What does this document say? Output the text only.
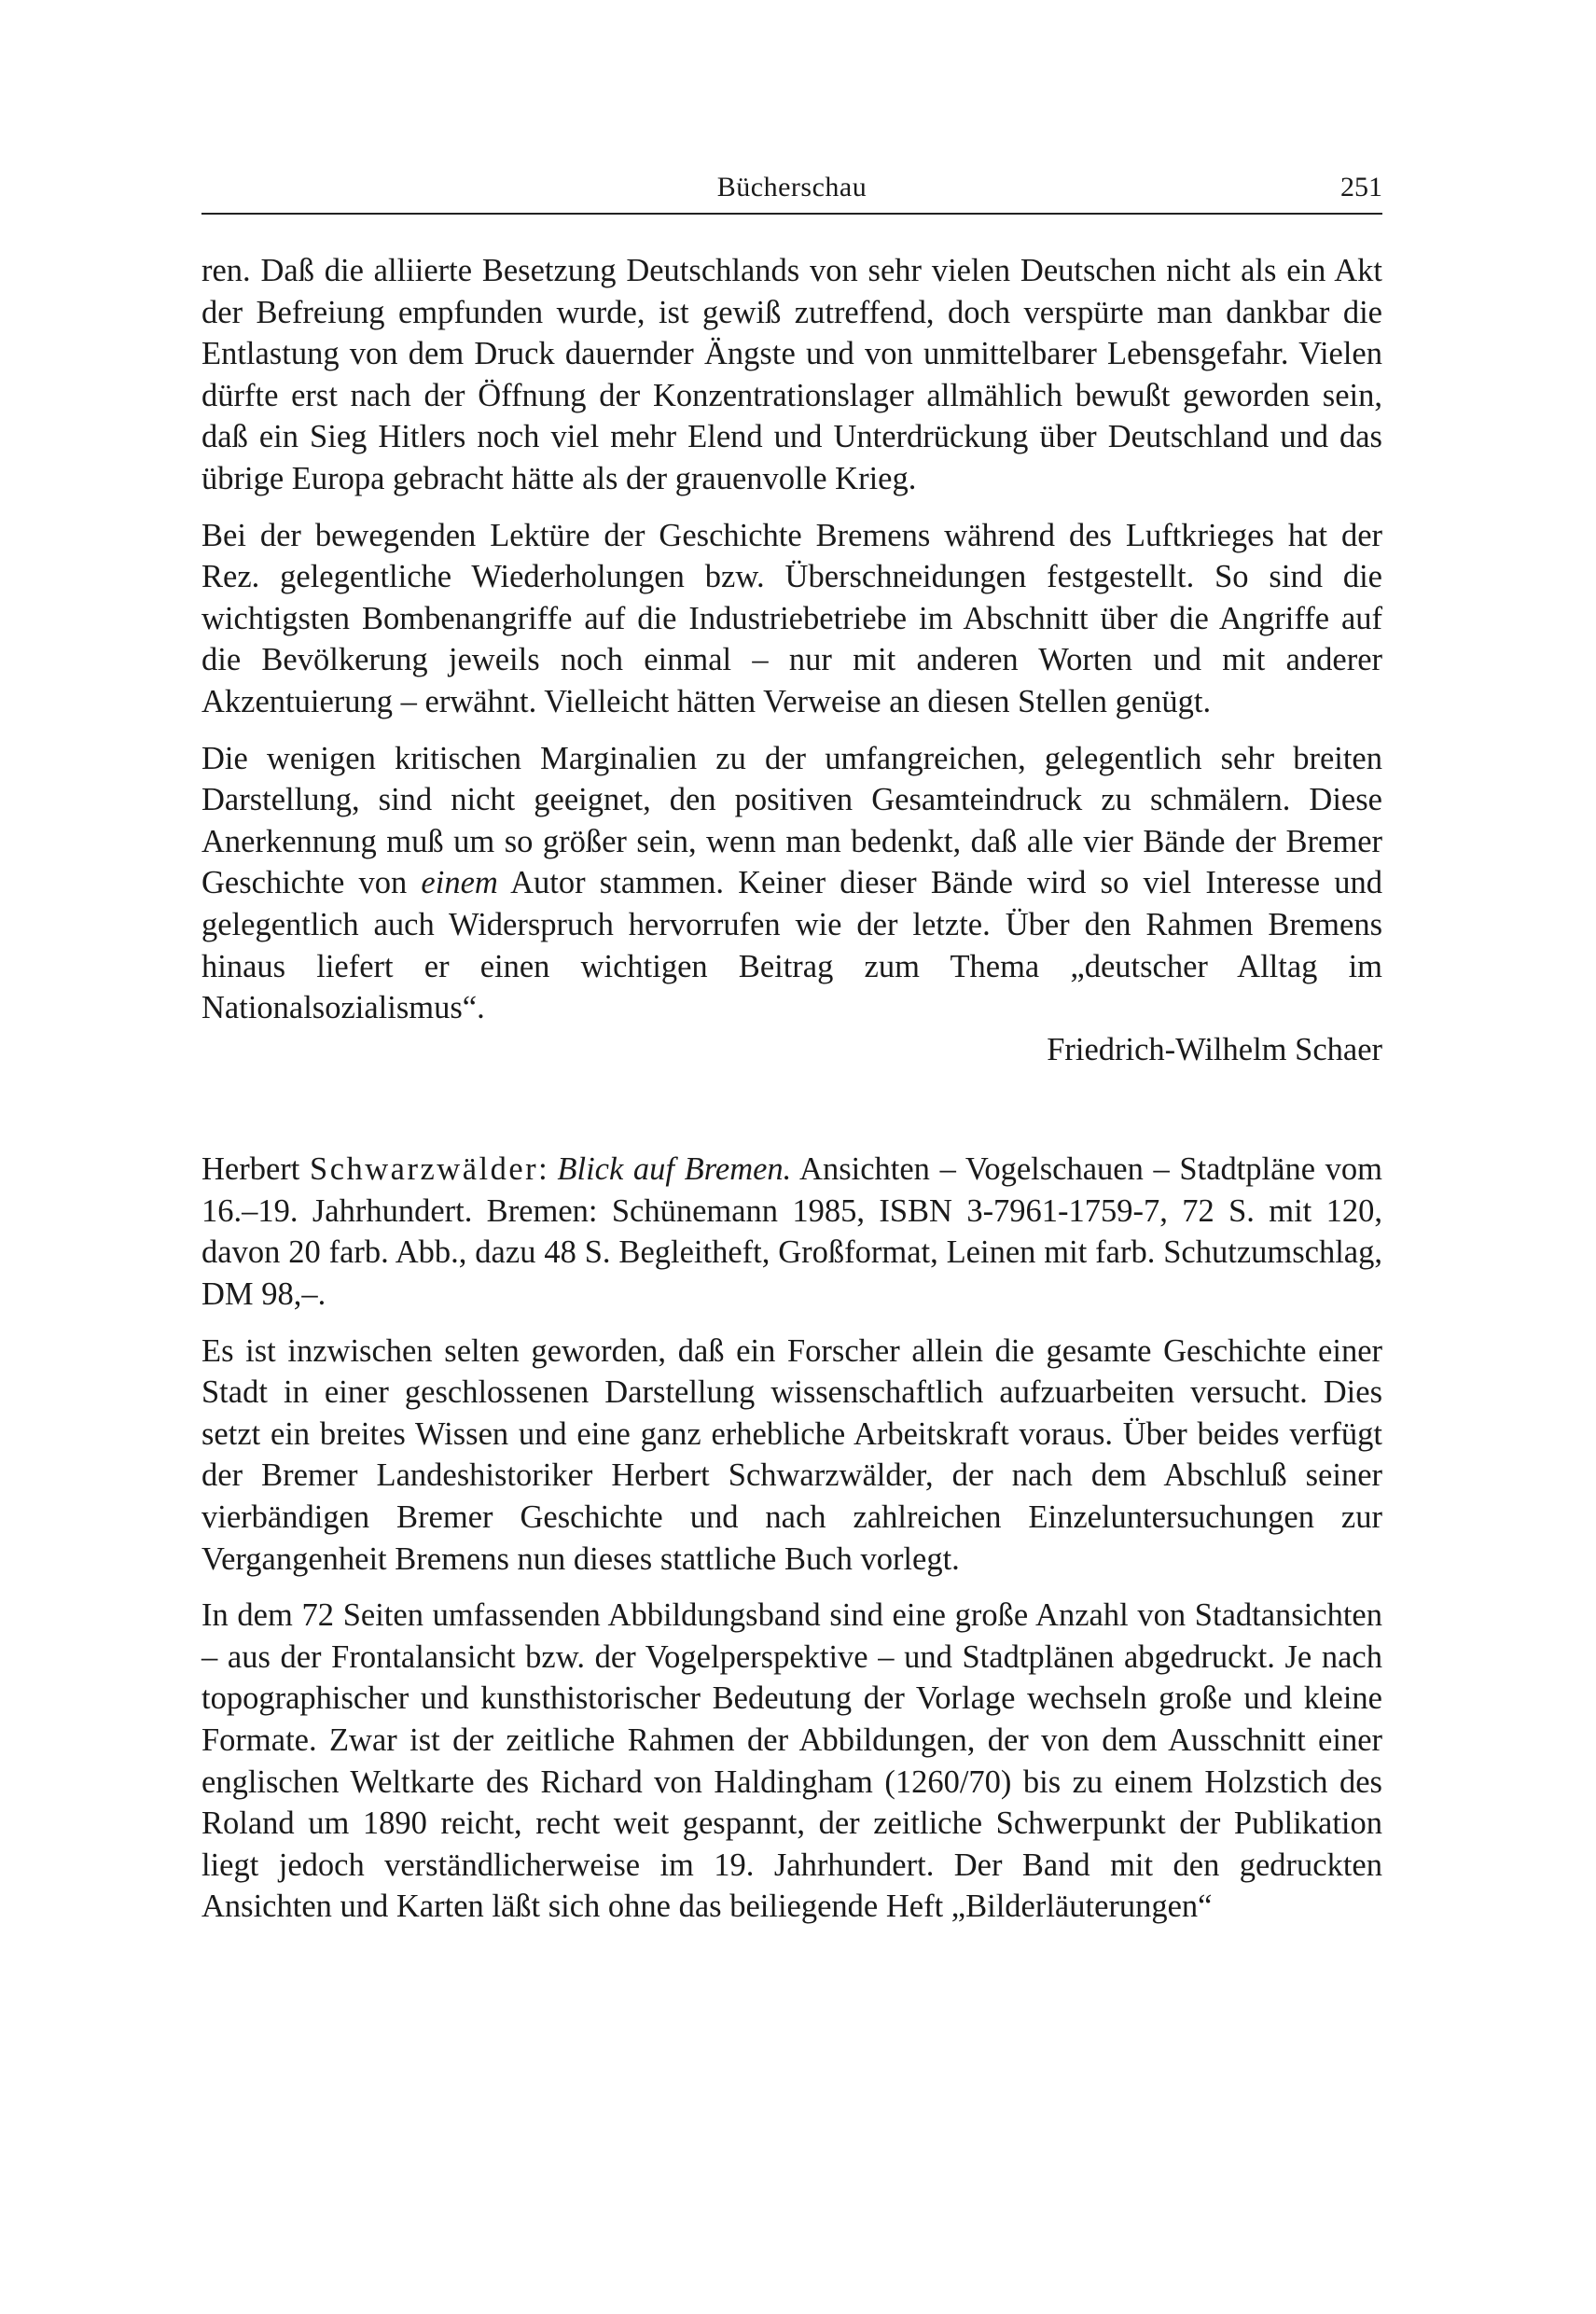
Bücherschau	251

ren. Daß die alliierte Besetzung Deutschlands von sehr vielen Deutschen nicht als ein Akt der Befreiung empfunden wurde, ist gewiß zutreffend, doch verspürte man dankbar die Entlastung von dem Druck dauernder Ängste und von unmittelbarer Lebensgefahr. Vielen dürfte erst nach der Öffnung der Konzentrationslager allmählich bewußt geworden sein, daß ein Sieg Hitlers noch viel mehr Elend und Unterdrückung über Deutschland und das übrige Europa gebracht hätte als der grauenvolle Krieg.

Bei der bewegenden Lektüre der Geschichte Bremens während des Luftkrieges hat der Rez. gelegentliche Wiederholungen bzw. Überschneidungen festgestellt. So sind die wichtigsten Bombenangriffe auf die Industriebetriebe im Abschnitt über die Angriffe auf die Bevölkerung jeweils noch einmal – nur mit anderen Worten und mit anderer Akzentuierung – erwähnt. Vielleicht hätten Verweise an diesen Stellen genügt.

Die wenigen kritischen Marginalien zu der umfangreichen, gelegentlich sehr breiten Darstellung, sind nicht geeignet, den positiven Gesamteindruck zu schmälern. Diese Anerkennung muß um so größer sein, wenn man bedenkt, daß alle vier Bände der Bremer Geschichte von einem Autor stammen. Keiner dieser Bände wird so viel Interesse und gelegentlich auch Widerspruch hervorrufen wie der letzte. Über den Rahmen Bremens hinaus liefert er einen wichtigen Beitrag zum Thema „deutscher Alltag im Nationalsozialismus“.

Friedrich-Wilhelm Schaer

Herbert Schwarzwälder: Blick auf Bremen. Ansichten – Vogelschauen – Stadtpläne vom 16.–19. Jahrhundert. Bremen: Schünemann 1985, ISBN 3-7961-1759-7, 72 S. mit 120, davon 20 farb. Abb., dazu 48 S. Begleitheft, Großformat, Leinen mit farb. Schutzumschlag, DM 98,–.

Es ist inzwischen selten geworden, daß ein Forscher allein die gesamte Geschichte einer Stadt in einer geschlossenen Darstellung wissenschaftlich aufzuarbeiten versucht. Dies setzt ein breites Wissen und eine ganz erhebliche Arbeitskraft voraus. Über beides verfügt der Bremer Landeshistoriker Herbert Schwarzwälder, der nach dem Abschluß seiner vierbändigen Bremer Geschichte und nach zahlreichen Einzeluntersuchungen zur Vergangenheit Bremens nun dieses stattliche Buch vorlegt.

In dem 72 Seiten umfassenden Abbildungsband sind eine große Anzahl von Stadtansichten – aus der Frontalansicht bzw. der Vogelperspektive – und Stadtplänen abgedruckt. Je nach topographischer und kunsthistorischer Bedeutung der Vorlage wechseln große und kleine Formate. Zwar ist der zeitliche Rahmen der Abbildungen, der von dem Ausschnitt einer englischen Weltkarte des Richard von Haldingham (1260/70) bis zu einem Holzstich des Roland um 1890 reicht, recht weit gespannt, der zeitliche Schwerpunkt der Publikation liegt jedoch verständlicherweise im 19. Jahrhundert. Der Band mit den gedruckten Ansichten und Karten läßt sich ohne das beiliegende Heft „Bilderläuterungen“
